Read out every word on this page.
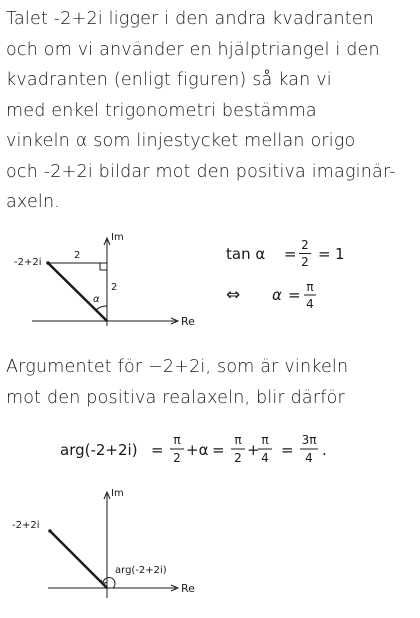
Talet -2+2i ligger i den andra kvadranten
och om vi använder en hjälptriangel i den
kvadranten (enligt figuren) så kan vi
med enkel trigonometri bestämma
vinkeln α som linjestycket mellan origo
och -2+2i bildar mot den positiva imaginär-
axeln.
-2+2i
2
2
α
Im
Re
tan α = 2
2 = 1
⇔ α = π
4
Argumentet för −2+2i, som är vinkeln
mot den positiva realaxeln, blir därför
arg(-2+2i) =
π
2 +α =
π
2 +
π
4 =
3π
4 .
-2+2i
arg(-2+2i)
Im
Re
